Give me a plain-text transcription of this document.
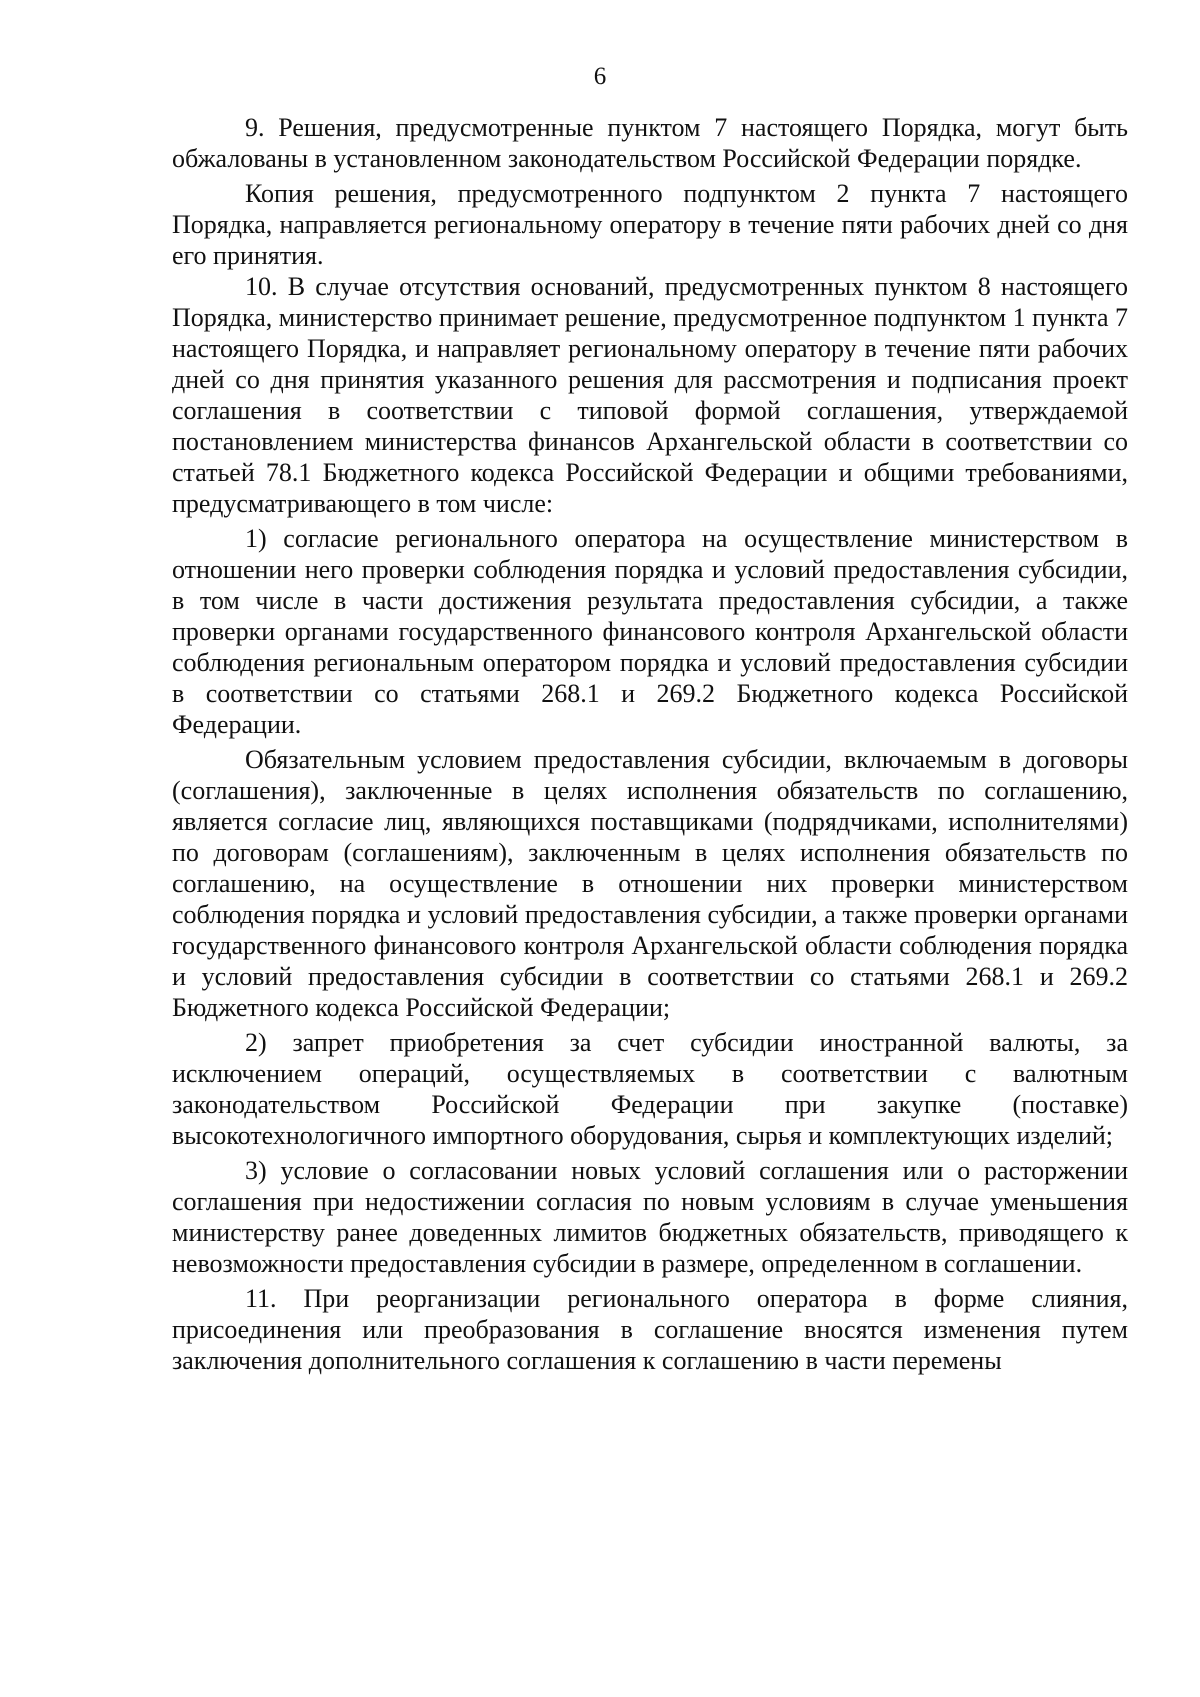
6

9. Решения, предусмотренные пунктом 7 настоящего Порядка, могут быть обжалованы в установленном законодательством Российской Федерации порядке.

Копия решения, предусмотренного подпунктом 2 пункта 7 настоящего Порядка, направляется региональному оператору в течение пяти рабочих дней со дня его принятия.

10. В случае отсутствия оснований, предусмотренных пунктом 8 настоящего Порядка, министерство принимает решение, предусмотренное подпунктом 1 пункта 7 настоящего Порядка, и направляет региональному оператору в течение пяти рабочих дней со дня принятия указанного решения для рассмотрения и подписания проект соглашения в соответствии с типовой формой соглашения, утверждаемой постановлением министерства финансов Архангельской области в соответствии со статьей 78.1 Бюджетного кодекса Российской Федерации и общими требованиями, предусматривающего в том числе:

1) согласие регионального оператора на осуществление министерством в отношении него проверки соблюдения порядка и условий предоставления субсидии, в том числе в части достижения результата предоставления субсидии, а также проверки органами государственного финансового контроля Архангельской области соблюдения региональным оператором порядка и условий предоставления субсидии в соответствии со статьями 268.1 и 269.2 Бюджетного кодекса Российской Федерации.

Обязательным условием предоставления субсидии, включаемым в договоры (соглашения), заключенные в целях исполнения обязательств по соглашению, является согласие лиц, являющихся поставщиками (подрядчиками, исполнителями) по договорам (соглашениям), заключенным в целях исполнения обязательств по соглашению, на осуществление в отношении них проверки министерством соблюдения порядка и условий предоставления субсидии, а также проверки органами государственного финансового контроля Архангельской области соблюдения порядка и условий предоставления субсидии в соответствии со статьями 268.1 и 269.2 Бюджетного кодекса Российской Федерации;

2) запрет приобретения за счет субсидии иностранной валюты, за исключением операций, осуществляемых в соответствии с валютным законодательством Российской Федерации при закупке (поставке) высокотехнологичного импортного оборудования, сырья и комплектующих изделий;

3) условие о согласовании новых условий соглашения или о расторжении соглашения при недостижении согласия по новым условиям в случае уменьшения министерству ранее доведенных лимитов бюджетных обязательств, приводящего к невозможности предоставления субсидии в размере, определенном в соглашении.

11. При реорганизации регионального оператора в форме слияния, присоединения или преобразования в соглашение вносятся изменения путем заключения дополнительного соглашения к соглашению в части перемены
